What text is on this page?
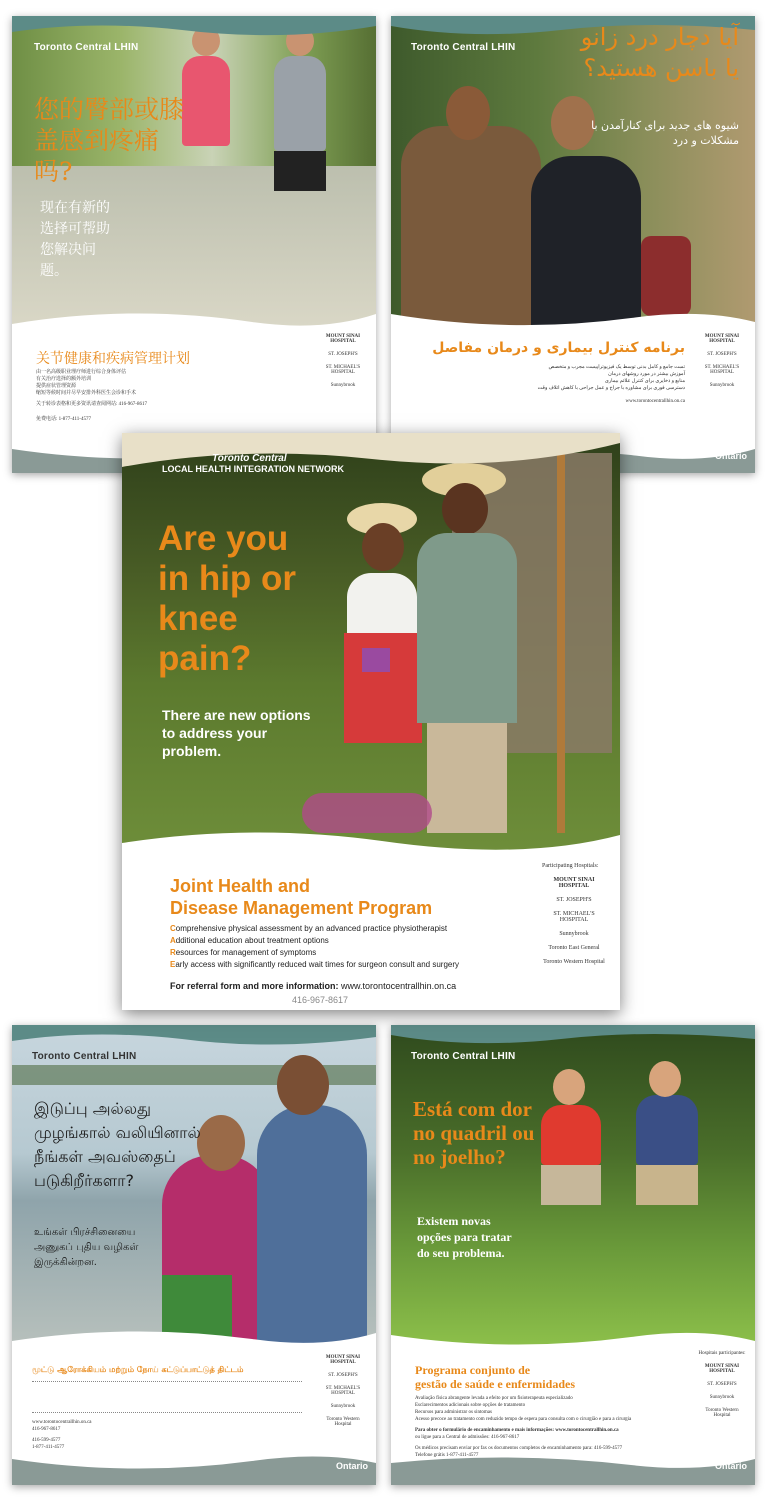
Toronto Central LHIN
您的臀部或膝盖感到疼痛吗?
现在有新的选择可帮助您解决问题。
关节健康和疾病管理计划
由一名高级职业理疗师进行综合身体评估
有关治疗选择的额外培训
提供症状管理资源
缩短等候时间并尽早安排外科医生会诊和手术
关于转诊表格和更多资讯请查阅网站: 416-967-8617
免费电话: 1-877-411-4577
MOUNT SINAI HOSPITAL
ST. JOSEPH'S
ST. MICHAEL'S HOSPITAL
Sunnybrook
Toronto Central LHIN	آیا دچار درد زانو یا باسن هستید؟
شیوه های جدید برای کنارآمدن با مشکلات و درد
برنامه کنترل بیماری و درمان مفاصل
تست جامع و کامل بدنی توسط یک فیزیوتراپیست مجرب و متخصص
آموزش بیشتر در مورد روشهای درمان
منابع و ذخایری برای کنترل علائم بیماری
دسترسی فوری برای مشاوره با جراح و عمل جراحی با کاهش اتلاف وقت
www.torontocentrallhin.on.ca
MOUNT SINAI HOSPITAL
ST. JOSEPH'S
ST. MICHAEL'S HOSPITAL
Sunnybrook
Ontario
Toronto Central LHIN
இடுப்பு அல்லது முழங்கால் வலியினால் நீங்கள் அவஸ்தைப் படுகிறீர்களா?
உங்கள் பிரச்சினையை அணுகப் புதிய வழிகள் இருக்கின்றன.
மூட்டு ஆரோக்கியம் மற்றும் நோய் கட்டுப்பாட்டுத் திட்டம்
www.torontocentrallhin.on.ca
416-967-8617
416-599-4577
1-877-411-4577
MOUNT SINAI HOSPITAL
ST. JOSEPH'S
ST. MICHAEL'S HOSPITAL
Sunnybrook
Toronto Western Hospital
Ontario
Toronto Central LHIN
Está com dor no quadril ou no joelho?
Existem novas opções para tratar do seu problema.
Programa conjunto de
gestão de saúde e enfermidades
Avaliação física abrangente levada a efeito por um fisioterapeuta especializado
Esclarecimentos adicionais sobre opções de tratamento
Recursos para administrar os sintomas
Acesso precoce ao tratamento com reduzido tempo de espera para consulta com o cirurgião e para a cirurgia
Para obter o formulário de encaminhamento e mais informações: www.torontocentrallhin.on.ca
ou ligue para a Central de admissões: 416-967-8617
Os médicos precisam enviar por fax os documentos completos de encaminhamento para: 416-599-4577
Telefone grátis 1-877-411-4577
Hospitais participantes:
MOUNT SINAI HOSPITAL
ST. JOSEPH'S
Sunnybrook
Toronto Western Hospital
Ontario
Toronto Central
LOCAL HEALTH INTEGRATION NETWORK
Are you in hip or knee pain?
There are new options to address your problem.
Joint Health and
Disease Management Program
Comprehensive physical assessment by an advanced practice physiotherapist
Additional education about treatment options
Resources for management of symptoms
Early access with significantly reduced wait times for surgeon consult and surgery
For referral form and more information: www.torontocentrallhin.on.ca
416-967-8617
Participating Hospitals:
MOUNT SINAI HOSPITAL
ST. JOSEPH'S
ST. MICHAEL'S HOSPITAL
Sunnybrook
Toronto East General
Toronto Western Hospital
